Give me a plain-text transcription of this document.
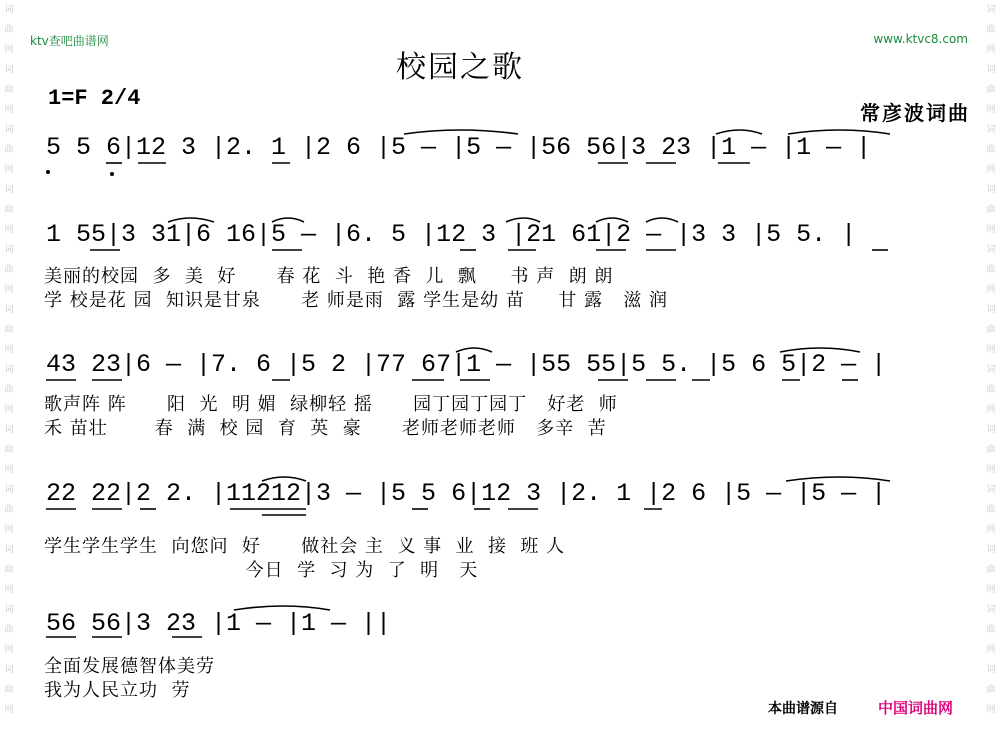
词曲网词曲网词曲网词曲网词曲网词曲网词曲网词曲网词曲网词曲网词曲网词曲网
词曲网词曲网词曲网词曲网词曲网词曲网词曲网词曲网词曲网词曲网词曲网词曲网
ktv查吧曲谱网	www.ktvc8.com
校园之歌
1=F 2/4
常彦波词曲
5 5 6|12 3 |2. 1 |2 6 |5 — |5 — |56 56|3 23 |1 — |1 — |
1 55|3 31|6 16|5 — |6. 5 |12 3 |21 61|2 — |3 3 |5 5. |
美丽的校园  多  美  好      春 花  斗  艳 香  儿  飘     书 声  朗 朗
学 校是花 园  知识是甘泉      老 师是雨  露 学生是幼 苗     甘 露   滋 润
43 23|6 — |7. 6 |5 2 |77 67|1 — |55 55|5 5. |5 6 5|2 — |
歌声阵 阵      阳  光  明 媚  绿柳轻 摇      园丁园丁园丁   好老  师
禾 苗壮       春  满  校 园  育  英  豪      老师老师老师   多辛  苦
22 22|2 2. |11212|3 — |5 5 6|12 3 |2. 1 |2 6 |5 — |5 — |
学生学生学生  向您问  好      做社会 主  义 事  业  接  班 人
今日  学  习 为  了  明   天
56 56|3 23 |1 — |1 — ||
全面发展德智体美劳
我为人民立功  劳
本曲谱源自	中国词曲网
